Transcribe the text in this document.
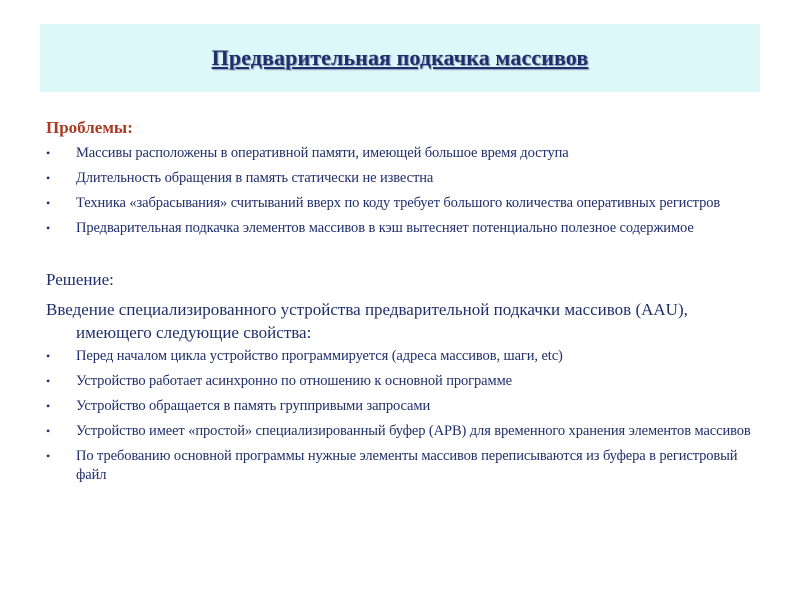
Предварительная подкачка массивов
Проблемы:
• Массивы расположены в оперативной памяти, имеющей большое время доступа
• Длительность обращения в память статически не известна
• Техника «забрасывания» считываний вверх по коду требует большого количества оперативных регистров
• Предварительная подкачка элементов массивов в кэш вытесняет потенциально полезное содержимое
Решение:
Введение специализированного устройства предварительной подкачки массивов (AAU), имеющего следующие свойства:
• Перед началом цикла устройство программируется (адреса массивов, шаги, etc)
• Устройство работает асинхронно по отношению к основной программе
• Устройство обращается в память группривыми запросами
• Устройство имеет «простой» специализированный буфер (APB) для временного хранения элементов массивов
• По требованию основной программы нужные элементы массивов переписываются из буфера в регистровый файл
